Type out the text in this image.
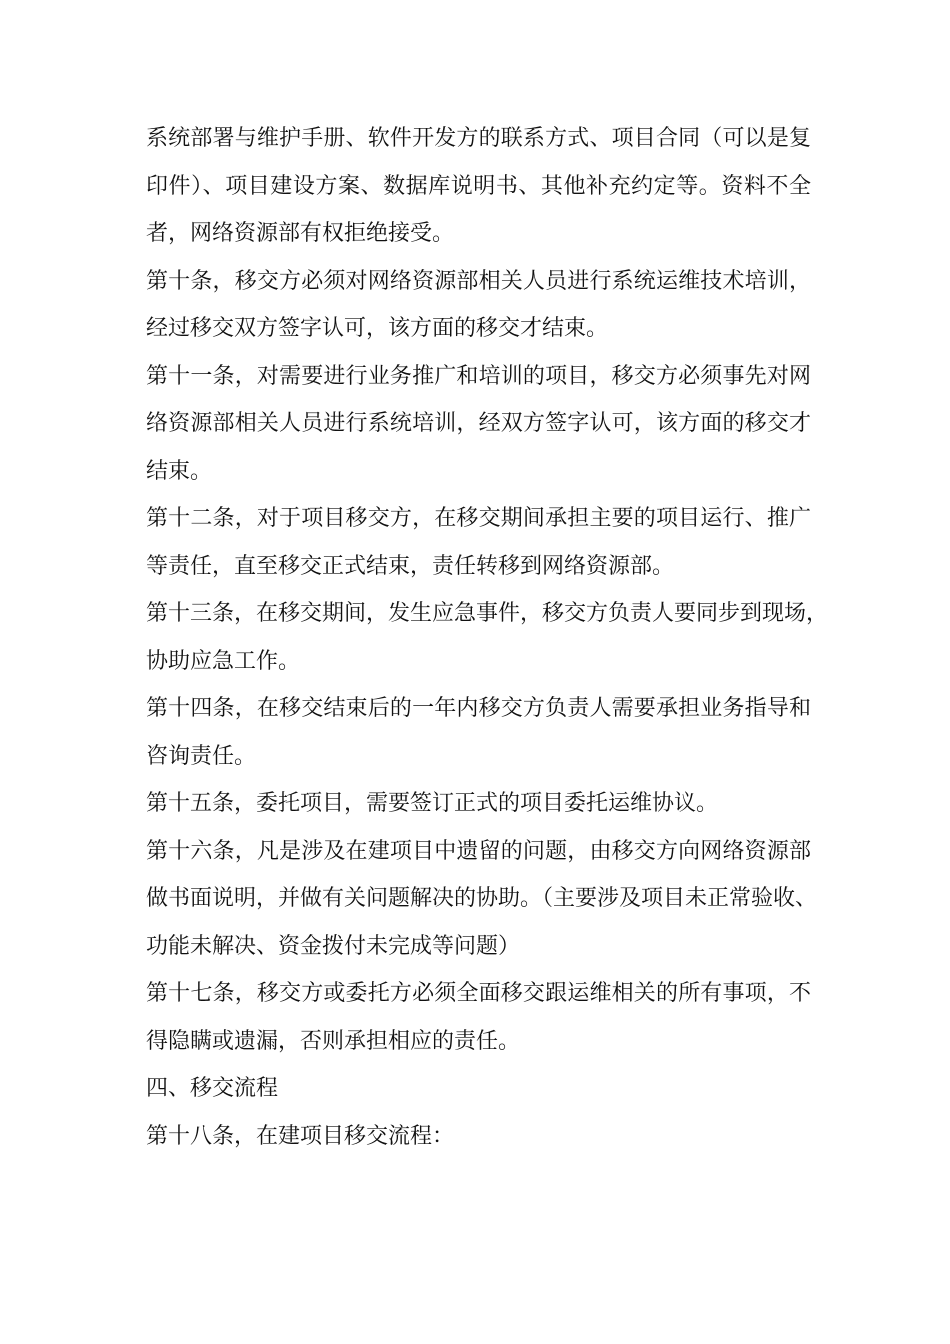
系统部署与维护手册、软件开发方的联系方式、项目合同（可以是复
印件）、项目建设方案、数据库说明书、其他补充约定等。资料不全
者，网络资源部有权拒绝接受。
第十条，移交方必须对网络资源部相关人员进行系统运维技术培训，
经过移交双方签字认可，该方面的移交才结束。
第十一条，对需要进行业务推广和培训的项目，移交方必须事先对网
络资源部相关人员进行系统培训，经双方签字认可，该方面的移交才
结束。
第十二条，对于项目移交方，在移交期间承担主要的项目运行、推广
等责任，直至移交正式结束，责任转移到网络资源部。
第十三条，在移交期间，发生应急事件，移交方负责人要同步到现场，
协助应急工作。
第十四条，在移交结束后的一年内移交方负责人需要承担业务指导和
咨询责任。
第十五条，委托项目，需要签订正式的项目委托运维协议。
第十六条，凡是涉及在建项目中遗留的问题，由移交方向网络资源部
做书面说明，并做有关问题解决的协助。（主要涉及项目未正常验收、
功能未解决、资金拨付未完成等问题）
第十七条，移交方或委托方必须全面移交跟运维相关的所有事项，不
得隐瞒或遗漏，否则承担相应的责任。
四、移交流程
第十八条，在建项目移交流程：
